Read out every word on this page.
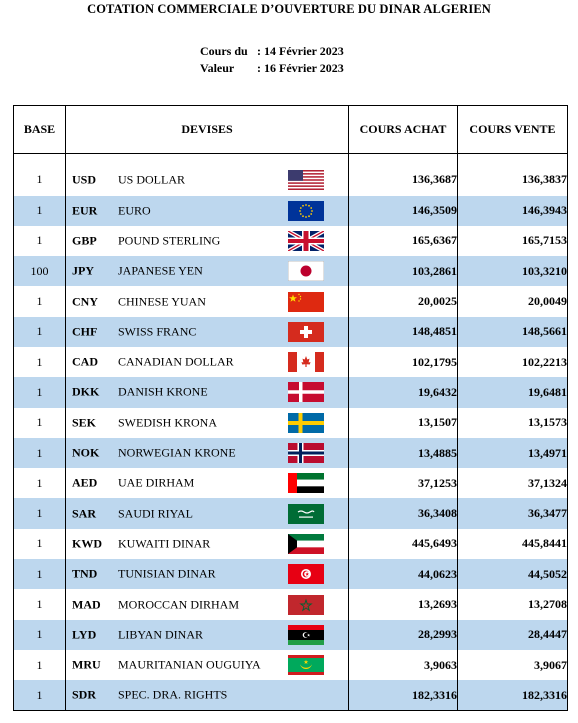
COTATION COMMERCIALE D’OUVERTURE DU DINAR ALGERIEN
Cours du : 14 Février 2023
Valeur	: 16 Février 2023
BASE	DEVISES	COURS ACHAT	COURS VENTE
1	USD US DOLLAR	136,3687	136,3837
1	EUR EURO	146,3509	146,3943
1	GBP POUND STERLING	165,6367	165,7153
100	JPY JAPANESE YEN	103,2861	103,3210
1	CNY CHINESE YUAN	20,0025	20,0049
1	CHF SWISS FRANC	148,4851	148,5661
1	CAD CANADIAN DOLLAR	102,1795	102,2213
1	DKK DANISH KRONE	19,6432	19,6481
1	SEK SWEDISH KRONA	13,1507	13,1573
1	NOK NORWEGIAN KRONE	13,4885	13,4971
1	AED UAE DIRHAM	37,1253	37,1324
1	SAR SAUDI RIYAL	36,3408	36,3477
1	KWD KUWAITI DINAR	445,6493	445,8441
1	TND TUNISIAN DINAR	44,0623	44,5052
1	MAD MOROCCAN DIRHAM	13,2693	13,2708
1	LYD LIBYAN DINAR	28,2993	28,4447
1	MRU MAURITANIAN OUGUIYA	3,9063	3,9067
1	SDR SPEC. DRA. RIGHTS	182,3316	182,3316
